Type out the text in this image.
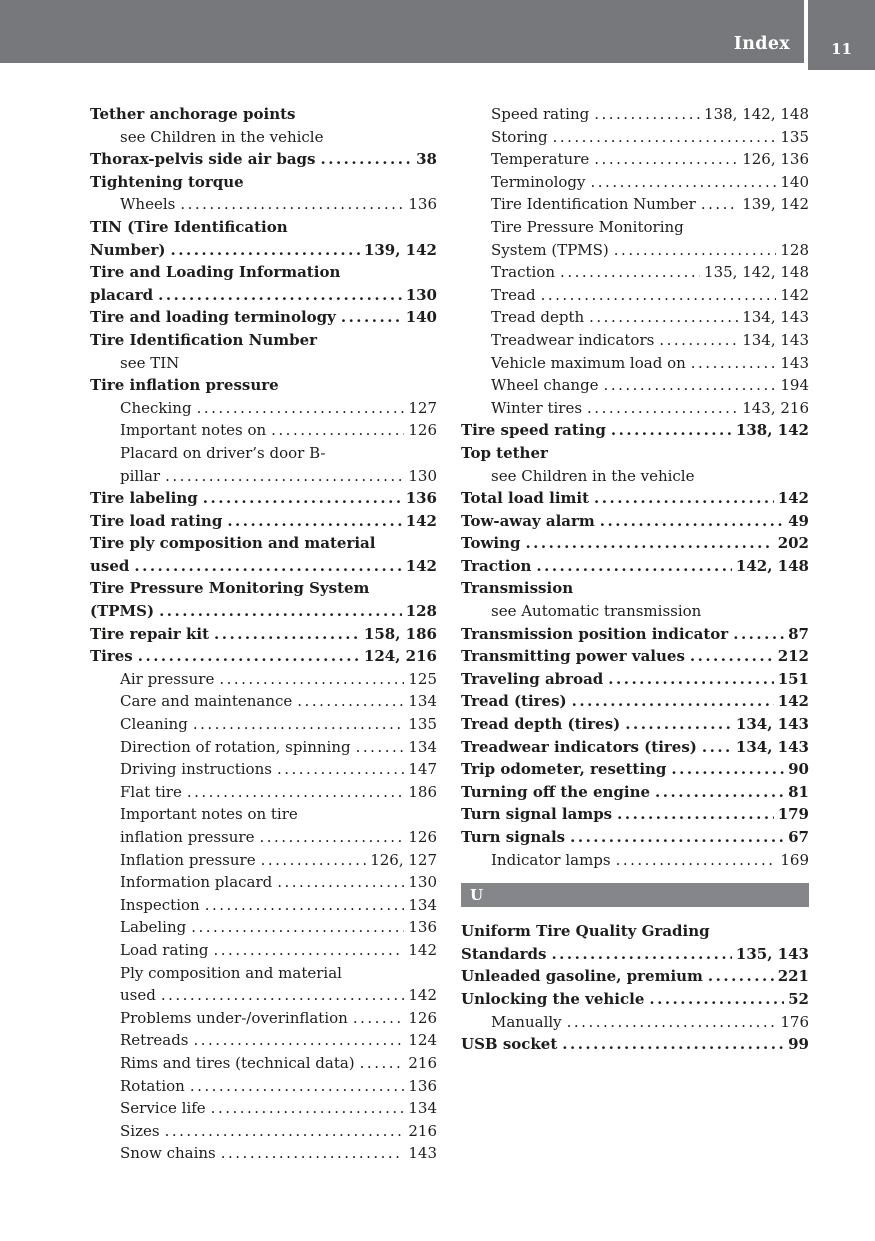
Index	11
Tether anchorage points
see Children in the vehicle
Thorax-pelvis side air bags .....	38
Tightening torque
Wheels .....	136
TIN (Tire Identification
Number) .....	139, 142
Tire and Loading Information
placard .....	130
Tire and loading terminology .....	140
Tire Identification Number
see TIN
Tire inflation pressure
Checking .....	127
Important notes on .....	126
Placard on driver’s door B-
pillar .....	130
Tire labeling .....	136
Tire load rating .....	142
Tire ply composition and material
used .....	142
Tire Pressure Monitoring System
(TPMS) .....	128
Tire repair kit .....	158, 186
Tires .....	124, 216
Air pressure .....	125
Care and maintenance .....	134
Cleaning .....	135
Direction of rotation, spinning .....	134
Driving instructions .....	147
Flat tire .....	186
Important notes on tire
inflation pressure .....	126
Inflation pressure .....	126, 127
Information placard .....	130
Inspection .....	134
Labeling .....	136
Load rating .....	142
Ply composition and material
used .....	142
Problems under-/overinflation .....	126
Retreads .....	124
Rims and tires (technical data) .....	216
Rotation .....	136
Service life .....	134
Sizes .....	216
Snow chains .....	143
Speed rating .....	138, 142, 148
Storing .....	135
Temperature .....	126, 136
Terminology .....	140
Tire Identification Number .....	139, 142
Tire Pressure Monitoring
System (TPMS) .....	128
Traction .....	135, 142, 148
Tread .....	142
Tread depth .....	134, 143
Treadwear indicators .....	134, 143
Vehicle maximum load on .....	143
Wheel change .....	194
Winter tires .....	143, 216
Tire speed rating .....	138, 142
Top tether
see Children in the vehicle
Total load limit .....	142
Tow-away alarm .....	49
Towing .....	202
Traction .....	142, 148
Transmission
see Automatic transmission
Transmission position indicator .....	87
Transmitting power values .....	212
Traveling abroad .....	151
Tread (tires) .....	142
Tread depth (tires) .....	134, 143
Treadwear indicators (tires) .....	134, 143
Trip odometer, resetting .....	90
Turning off the engine .....	81
Turn signal lamps .....	179
Turn signals .....	67
Indicator lamps .....	169
U
Uniform Tire Quality Grading
Standards .....	135, 143
Unleaded gasoline, premium .....	221
Unlocking the vehicle .....	52
Manually .....	176
USB socket .....	99
